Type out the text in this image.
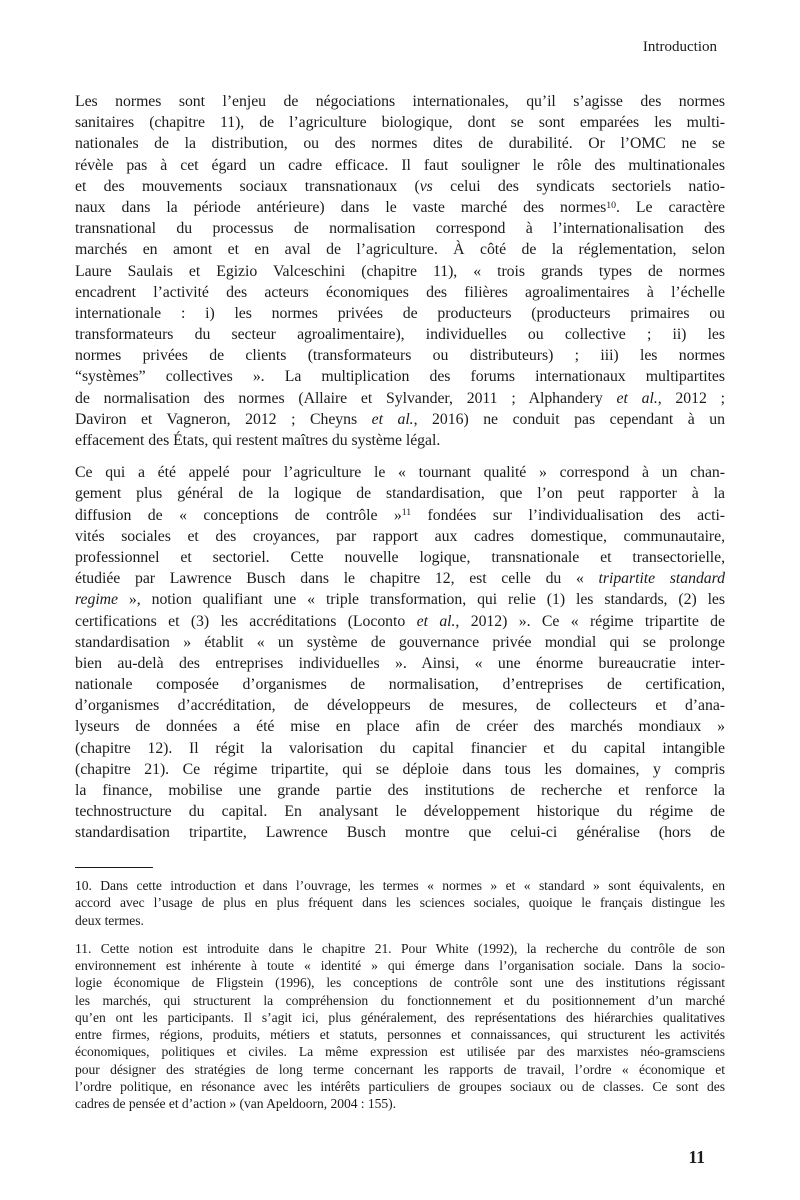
Introduction
Les normes sont l’enjeu de négociations internationales, qu’il s’agisse des normes
sanitaires (chapitre 11), de l’agriculture biologique, dont se sont emparées les multi-
nationales de la distribution, ou des normes dites de durabilité. Or l’OMC ne se
révèle pas à cet égard un cadre efficace. Il faut souligner le rôle des multinationales
et des mouvements sociaux transnationaux (vs celui des syndicats sectoriels natio-
naux dans la période antérieure) dans le vaste marché des normes$^{10}$. Le caractère
transnational du processus de normalisation correspond à l’internationalisation des
marchés en amont et en aval de l’agriculture. À côté de la réglementation, selon
Laure Saulais et Egizio Valceschini (chapitre 11), « trois grands types de normes
encadrent l’activité des acteurs économiques des filières agroalimentaires à l’échelle
internationale : i) les normes privées de producteurs (producteurs primaires ou
transformateurs du secteur agroalimentaire), individuelles ou collective ; ii) les
normes privées de clients (transformateurs ou distributeurs) ; iii) les normes
“systèmes” collectives ». La multiplication des forums internationaux multipartites
de normalisation des normes (Allaire et Sylvander, 2011 ; Alphandery et al., 2012 ;
Daviron et Vagneron, 2012 ; Cheyns et al., 2016) ne conduit pas cependant à un
effacement des États, qui restent maîtres du système légal.
Ce qui a été appelé pour l’agriculture le « tournant qualité » correspond à un chan-
gement plus général de la logique de standardisation, que l’on peut rapporter à la
diffusion de « conceptions de contrôle »$^{11}$ fondées sur l’individualisation des acti-
vités sociales et des croyances, par rapport aux cadres domestique, communautaire,
professionnel et sectoriel. Cette nouvelle logique, transnationale et transectorielle,
étudiée par Lawrence Busch dans le chapitre 12, est celle du « tripartite standard
regime », notion qualifiant une « triple transformation, qui relie (1) les standards, (2) les
certifications et (3) les accréditations (Loconto et al., 2012) ». Ce « régime tripartite de
standardisation » établit « un système de gouvernance privée mondial qui se prolonge
bien au-delà des entreprises individuelles ». Ainsi, « une énorme bureaucratie inter-
nationale composée d’organismes de normalisation, d’entreprises de certification,
d’organismes d’accréditation, de développeurs de mesures, de collecteurs et d’ana-
lyseurs de données a été mise en place afin de créer des marchés mondiaux »
(chapitre 12). Il régit la valorisation du capital financier et du capital intangible
(chapitre 21). Ce régime tripartite, qui se déploie dans tous les domaines, y compris
la finance, mobilise une grande partie des institutions de recherche et renforce la
technostructure du capital. En analysant le développement historique du régime de
standardisation tripartite, Lawrence Busch montre que celui-ci généralise (hors de
10. Dans cette introduction et dans l’ouvrage, les termes « normes » et « standard » sont équivalents, en
accord avec l’usage de plus en plus fréquent dans les sciences sociales, quoique le français distingue les
deux termes.
11. Cette notion est introduite dans le chapitre 21. Pour White (1992), la recherche du contrôle de son
environnement est inhérente à toute « identité » qui émerge dans l’organisation sociale. Dans la socio-
logie économique de Fligstein (1996), les conceptions de contrôle sont une des institutions régissant
les marchés, qui structurent la compréhension du fonctionnement et du positionnement d’un marché
qu’en ont les participants. Il s’agit ici, plus généralement, des représentations des hiérarchies qualitatives
entre firmes, régions, produits, métiers et statuts, personnes et connaissances, qui structurent les activités
économiques, politiques et civiles. La même expression est utilisée par des marxistes néo-gramsciens
pour désigner des stratégies de long terme concernant les rapports de travail, l’ordre « économique et
l’ordre politique, en résonance avec les intérêts particuliers de groupes sociaux ou de classes. Ce sont des
cadres de pensée et d’action » (van Apeldoorn, 2004 : 155).
11
